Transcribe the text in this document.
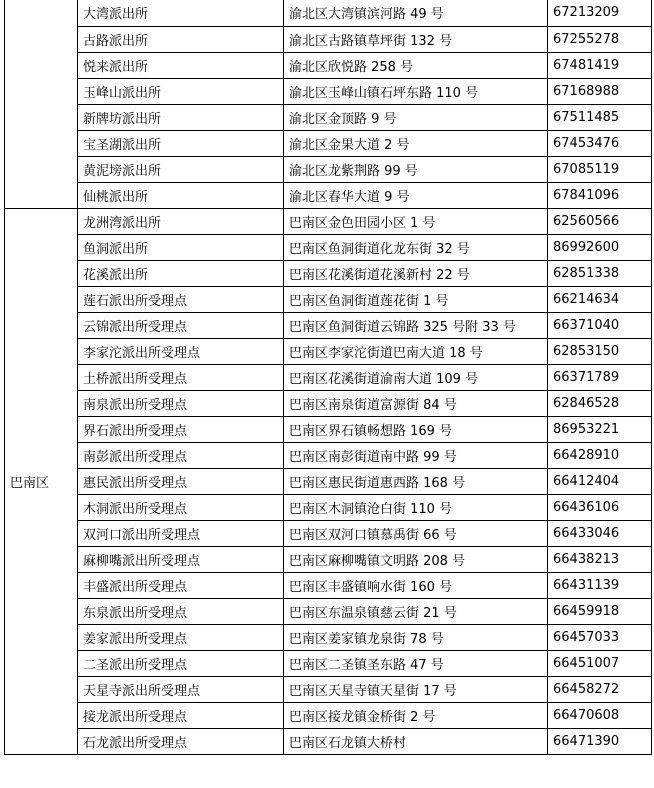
	大湾派出所	渝北区大湾镇滨河路 49 号	67213209
	古路派出所	渝北区古路镇草坪街 132 号	67255278
	悦来派出所	渝北区欣悦路 258 号	67481419
	玉峰山派出所	渝北区玉峰山镇石坪东路 110 号	67168988
	新牌坊派出所	渝北区金顶路 9 号	67511485
	宝圣湖派出所	渝北区金果大道 2 号	67453476
	黄泥塝派出所	渝北区龙紫荆路 99 号	67085119
	仙桃派出所	渝北区春华大道 9 号	67841096
巴南区	龙洲湾派出所	巴南区金色田园小区 1 号	62560566
	鱼洞派出所	巴南区鱼洞街道化龙东街 32 号	86992600
	花溪派出所	巴南区花溪街道花溪新村 22 号	62851338
	莲石派出所受理点	巴南区鱼洞街道莲花街 1 号	66214634
	云锦派出所受理点	巴南区鱼洞街道云锦路 325 号附 33 号	66371040
	李家沱派出所受理点	巴南区李家沱街道巴南大道 18 号	62853150
	土桥派出所受理点	巴南区花溪街道渝南大道 109 号	66371789
	南泉派出所受理点	巴南区南泉街道富源街 84 号	62846528
	界石派出所受理点	巴南区界石镇畅想路 169 号	86953221
	南彭派出所受理点	巴南区南彭街道南中路 99 号	66428910
	惠民派出所受理点	巴南区惠民街道惠西路 168 号	66412404
	木洞派出所受理点	巴南区木洞镇沧白街 110 号	66436106
	双河口派出所受理点	巴南区双河口镇慕禹街 66 号	66433046
	麻柳嘴派出所受理点	巴南区麻柳嘴镇文明路 208 号	66438213
	丰盛派出所受理点	巴南区丰盛镇响水街 160 号	66431139
	东泉派出所受理点	巴南区东温泉镇慈云街 21 号	66459918
	姜家派出所受理点	巴南区姜家镇龙泉街 78 号	66457033
	二圣派出所受理点	巴南区二圣镇圣东路 47 号	66451007
	天星寺派出所受理点	巴南区天星寺镇天星街 17 号	66458272
	接龙派出所受理点	巴南区接龙镇金桥街 2 号	66470608
	石龙派出所受理点	巴南区石龙镇大桥村	66471390
